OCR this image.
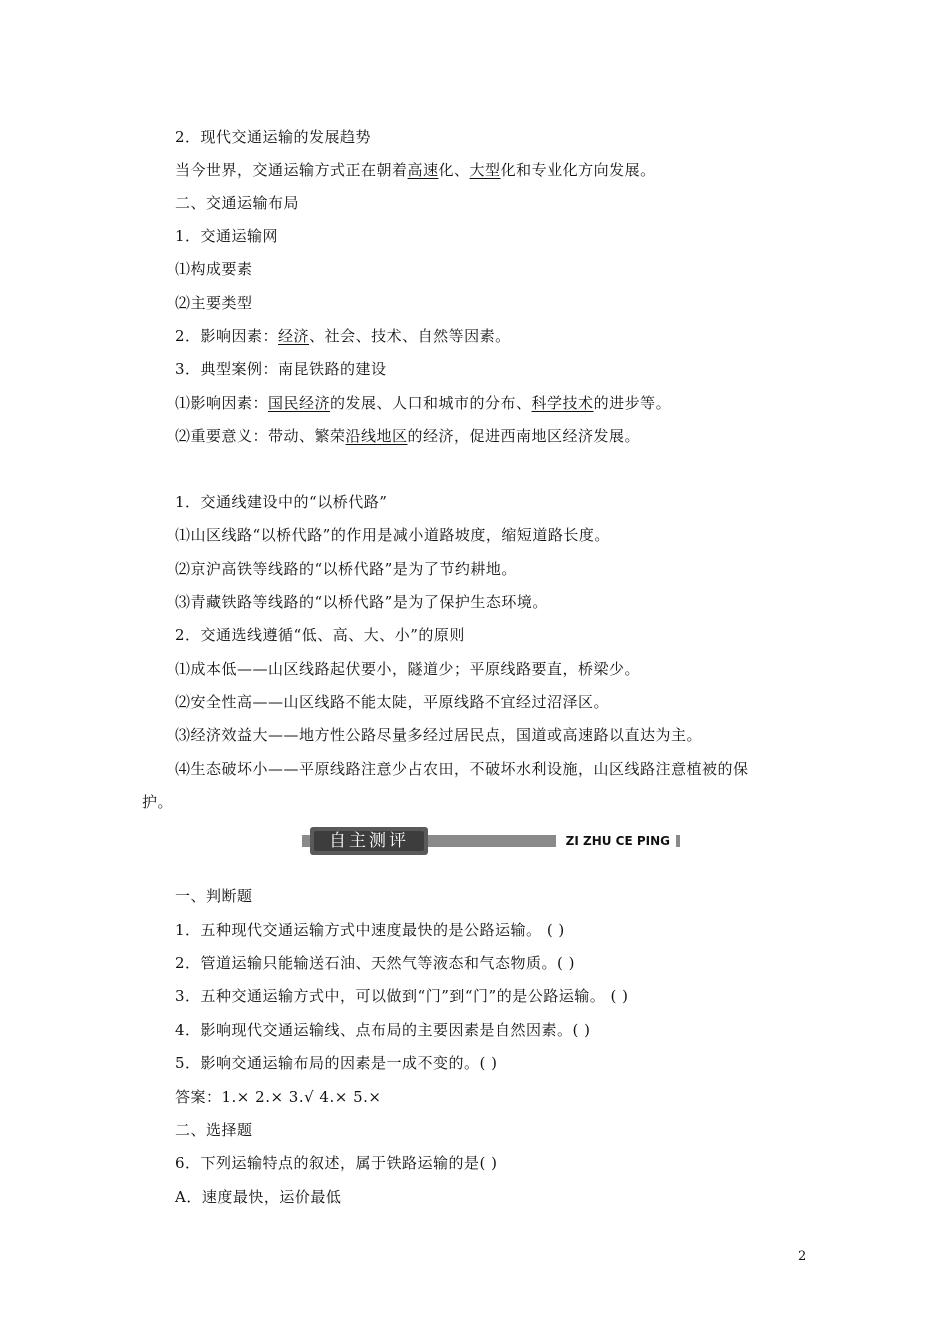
2．现代交通运输的发展趋势
当今世界，交通运输方式正在朝着高速化、大型化和专业化方向发展。
二、交通运输布局
1．交通运输网
⑴构成要素
⑵主要类型
2．影响因素：经济、社会、技术、自然等因素。
3．典型案例：南昆铁路的建设
⑴影响因素：国民经济的发展、人口和城市的分布、科学技术的进步等。
⑵重要意义：带动、繁荣沿线地区的经济，促进西南地区经济发展。
1．交通线建设中的“以桥代路”
⑴山区线路“以桥代路”的作用是减小道路坡度，缩短道路长度。
⑵京沪高铁等线路的“以桥代路”是为了节约耕地。
⑶青藏铁路等线路的“以桥代路”是为了保护生态环境。
2．交通选线遵循“低、高、大、小”的原则
⑴成本低——山区线路起伏要小，隧道少；平原线路要直，桥梁少。
⑵安全性高——山区线路不能太陡，平原线路不宜经过沼泽区。
⑶经济效益大——地方性公路尽量多经过居民点，国道或高速路以直达为主。
⑷生态破坏小——平原线路注意少占农田，不破坏水利设施，山区线路注意植被的保
护。
自主测评	ZI ZHU CE PING
一、判断题
1．五种现代交通运输方式中速度最快的是公路运输。 ( )
2．管道运输只能输送石油、天然气等液态和气态物质。( )
3．五种交通运输方式中，可以做到“门”到“门”的是公路运输。 ( )
4．影响现代交通运输线、点布局的主要因素是自然因素。( )
5．影响交通运输布局的因素是一成不变的。( )
答案：1.× 2.× 3.√ 4.× 5.×
二、选择题
6．下列运输特点的叙述，属于铁路运输的是( )
A．速度最快，运价最低
2
